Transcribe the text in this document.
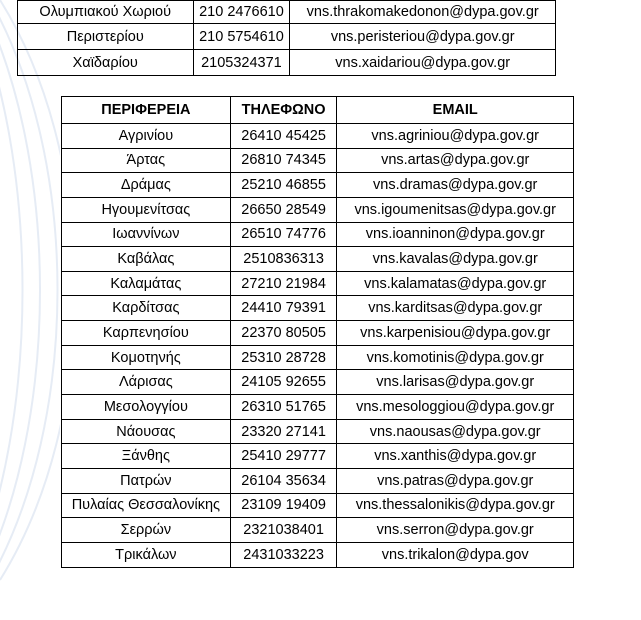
Ολυμπιακού Χωριού	210 2476610	vns.thrakomakedonon@dypa.gov.gr
Περιστερίου	210 5754610	vns.peristeriou@dypa.gov.gr
Χαϊδαρίου	2105324371	vns.xaidariou@dypa.gov.gr
ΠΕΡΙΦΕΡΕΙΑ	ΤΗΛΕΦΩΝΟ	EMAIL
Αγρινίου	26410 45425	vns.agriniou@dypa.gov.gr
Άρτας	26810 74345	vns.artas@dypa.gov.gr
Δράμας	25210 46855	vns.dramas@dypa.gov.gr
Ηγουμενίτσας	26650 28549	vns.igoumenitsas@dypa.gov.gr
Ιωαννίνων	26510 74776	vns.ioanninon@dypa.gov.gr
Καβάλας	2510836313	vns.kavalas@dypa.gov.gr
Καλαμάτας	27210 21984	vns.kalamatas@dypa.gov.gr
Καρδίτσας	24410 79391	vns.karditsas@dypa.gov.gr
Καρπενησίου	22370 80505	vns.karpenisiou@dypa.gov.gr
Κομοτηνής	25310 28728	vns.komotinis@dypa.gov.gr
Λάρισας	24105 92655	vns.larisas@dypa.gov.gr
Μεσολογγίου	26310 51765	vns.mesologgiou@dypa.gov.gr
Νάουσας	23320 27141	vns.naousas@dypa.gov.gr
Ξάνθης	25410 29777	vns.xanthis@dypa.gov.gr
Πατρών	26104 35634	vns.patras@dypa.gov.gr
Πυλαίας Θεσσαλονίκης	23109 19409	vns.thessalonikis@dypa.gov.gr
Σερρών	2321038401	vns.serron@dypa.gov.gr
Τρικάλων	2431033223	vns.trikalon@dypa.gov
